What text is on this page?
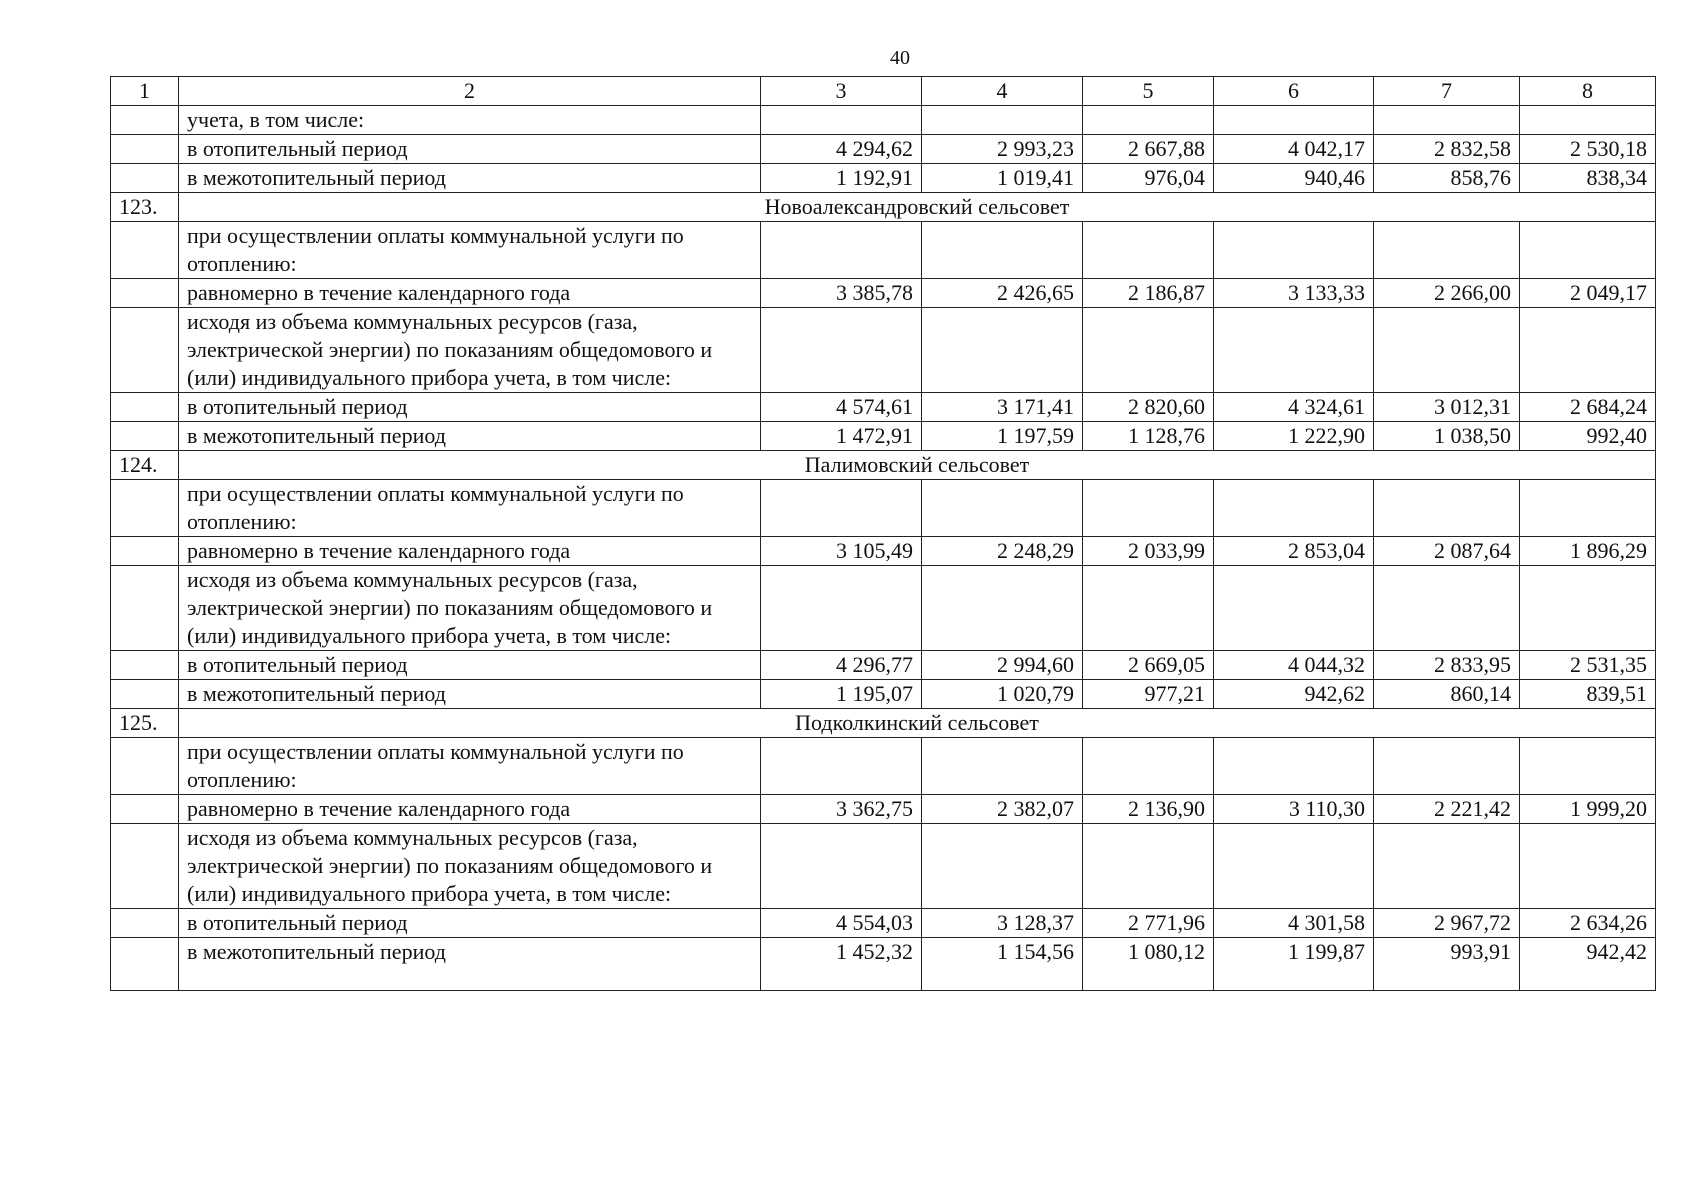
40
1	2	3	4	5	6	7	8
	учета, в том числе:						
	в отопительный период	4 294,62	2 993,23	2 667,88	4 042,17	2 832,58	2 530,18
	в межотопительный период	1 192,91	1 019,41	976,04	940,46	858,76	838,34
123.	Новоалександровский сельсовет						
	при осуществлении оплаты коммунальной услуги по отоплению:						
	равномерно в течение календарного года	3 385,78	2 426,65	2 186,87	3 133,33	2 266,00	2 049,17
	исходя из объема коммунальных ресурсов (газа, электрической энергии) по показаниям общедомового и (или) индивидуального прибора учета, в том числе:						
	в отопительный период	4 574,61	3 171,41	2 820,60	4 324,61	3 012,31	2 684,24
	в межотопительный период	1 472,91	1 197,59	1 128,76	1 222,90	1 038,50	992,40
124.	Палимовский сельсовет						
	при осуществлении оплаты коммунальной услуги по отоплению:						
	равномерно в течение календарного года	3 105,49	2 248,29	2 033,99	2 853,04	2 087,64	1 896,29
	исходя из объема коммунальных ресурсов (газа, электрической энергии) по показаниям общедомового и (или) индивидуального прибора учета, в том числе:						
	в отопительный период	4 296,77	2 994,60	2 669,05	4 044,32	2 833,95	2 531,35
	в межотопительный период	1 195,07	1 020,79	977,21	942,62	860,14	839,51
125.	Подколкинский сельсовет						
	при осуществлении оплаты коммунальной услуги по отоплению:						
	равномерно в течение календарного года	3 362,75	2 382,07	2 136,90	3 110,30	2 221,42	1 999,20
	исходя из объема коммунальных ресурсов (газа, электрической энергии) по показаниям общедомового и (или) индивидуального прибора учета, в том числе:						
	в отопительный период	4 554,03	3 128,37	2 771,96	4 301,58	2 967,72	2 634,26
	в межотопительный период	1 452,32	1 154,56	1 080,12	1 199,87	993,91	942,42
